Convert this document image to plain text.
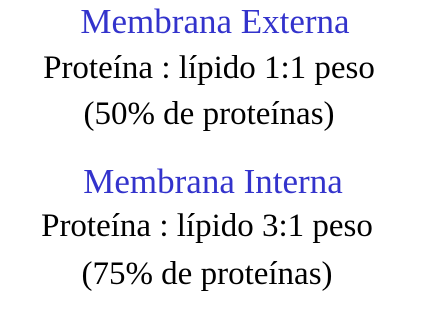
Membrana Externa
Proteína : lípido 1:1 peso
(50% de proteínas)
Membrana Interna
Proteína : lípido 3:1 peso
(75% de proteínas)
